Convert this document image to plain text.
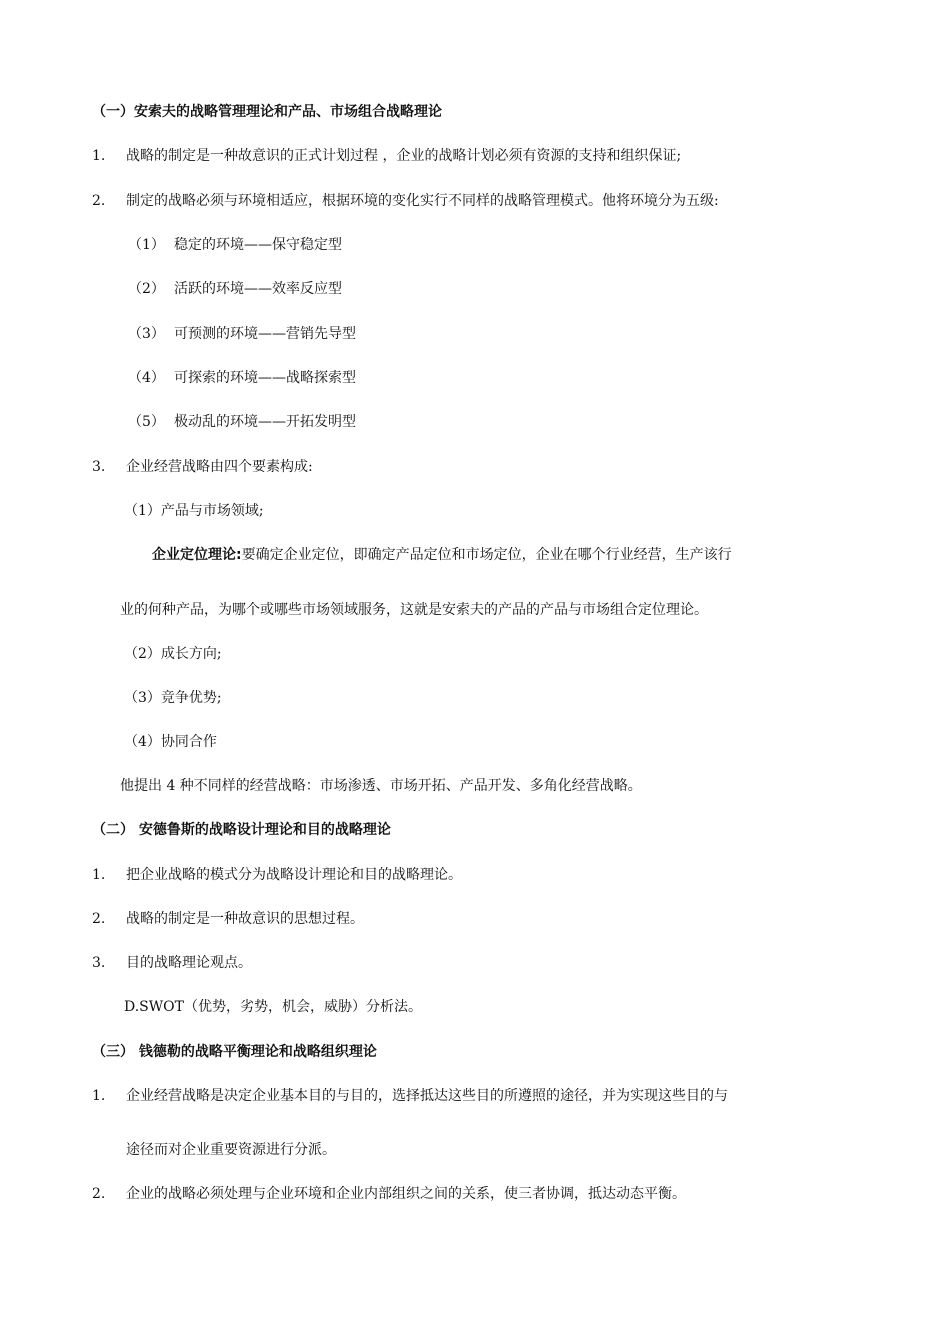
（一）安索夫的战略管理理论和产品、市场组合战略理论
1. 战略的制定是一种故意识的正式计划过程 ，企业的战略计划必须有资源的支持和组织保证;
2. 制定的战略必须与环境相适应，根据环境的变化实行不同样的战略管理模式。他将环境分为五级:
（1） 稳定的环境——保守稳定型
（2） 活跃的环境——效率反应型
（3） 可预测的环境——营销先导型
（4） 可探索的环境——战略探索型
（5） 极动乱的环境——开拓发明型
3. 企业经营战略由四个要素构成:
（1）产品与市场领域;
企业定位理论:要确定企业定位，即确定产品定位和市场定位，企业在哪个行业经营，生产该行
业的何种产品，为哪个或哪些市场领域服务，这就是安索夫的产品的产品与市场组合定位理论。
（2）成长方向;
（3）竞争优势;
（4）协同合作
他提出 4 种不同样的经营战略：市场渗透、市场开拓、产品开发、多角化经营战略。
（二） 安德鲁斯的战略设计理论和目的战略理论
1. 把企业战略的模式分为战略设计理论和目的战略理论。
2. 战略的制定是一种故意识的思想过程。
3. 目的战略理论观点。
D.SWOT（优势，劣势，机会，威胁）分析法。
（三） 钱德勒的战略平衡理论和战略组织理论
1. 企业经营战略是决定企业基本目的与目的，选择抵达这些目的所遵照的途径，并为实现这些目的与
途径而对企业重要资源进行分派。
2. 企业的战略必须处理与企业环境和企业内部组织之间的关系，使三者协调，抵达动态平衡。
